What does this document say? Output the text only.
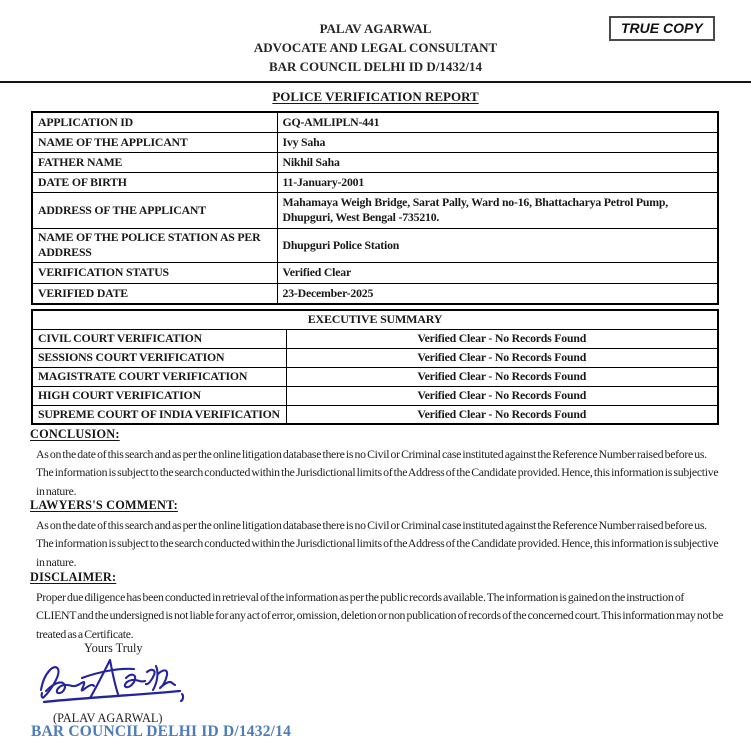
PALAV AGARWAL
ADVOCATE AND LEGAL CONSULTANT
BAR COUNCIL DELHI ID D/1432/14
TRUE COPY
POLICE VERIFICATION REPORT
APPLICATION ID	GQ-AMLIPLN-441
NAME OF THE APPLICANT	Ivy Saha
FATHER NAME	Nikhil Saha
DATE OF BIRTH	11-January-2001
ADDRESS OF THE APPLICANT	Mahamaya Weigh Bridge, Sarat Pally, Ward no-16, Bhattacharya Petrol Pump, Dhupguri, West Bengal -735210.
NAME OF THE POLICE STATION AS PER ADDRESS	Dhupguri Police Station
VERIFICATION STATUS	Verified Clear
VERIFIED DATE	23-December-2025
EXECUTIVE SUMMARY	
CIVIL COURT VERIFICATION	Verified Clear - No Records Found
SESSIONS COURT VERIFICATION	Verified Clear - No Records Found
MAGISTRATE COURT VERIFICATION	Verified Clear - No Records Found
HIGH COURT VERIFICATION	Verified Clear - No Records Found
SUPREME COURT OF INDIA VERIFICATION	Verified Clear - No Records Found
CONCLUSION:

As on the date of this search and as per the online litigation database there is no Civil or Criminal case instituted against the Reference Number raised before us. The information is subject to the search conducted within the Jurisdictional limits of the Address of the Candidate provided. Hence, this information is subjective in nature.

LAWYERS'S COMMENT:

As on the date of this search and as per the online litigation database there is no Civil or Criminal case instituted against the Reference Number raised before us. The information is subject to the search conducted within the Jurisdictional limits of the Address of the Candidate provided. Hence, this information is subjective in nature.

DISCLAIMER:

Proper due diligence has been conducted in retrieval of the information as per the public records available. The information is gained on the instruction of CLIENT and the undersigned is not liable for any act of error, omission, deletion or non publication of records of the concerned court. This information may not be treated as a Certificate.

Yours Truly
(PALAV AGARWAL)
BAR COUNCIL DELHI ID D/1432/14
